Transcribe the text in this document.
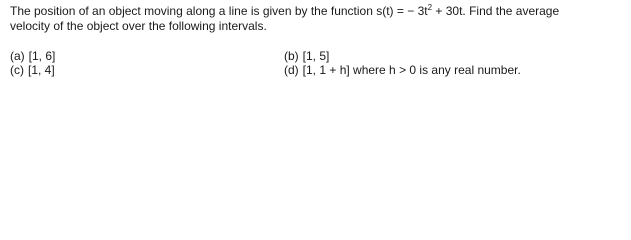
The position of an object moving along a line is given by the function s(t) = − $3t^2 + 30t$. Find the average
velocity of the object over the following intervals.

(a) [1, 6]	(b) [1, 5]
(c) [1, 4]	(d) [1, 1 + h] where h > 0 is any real number.
